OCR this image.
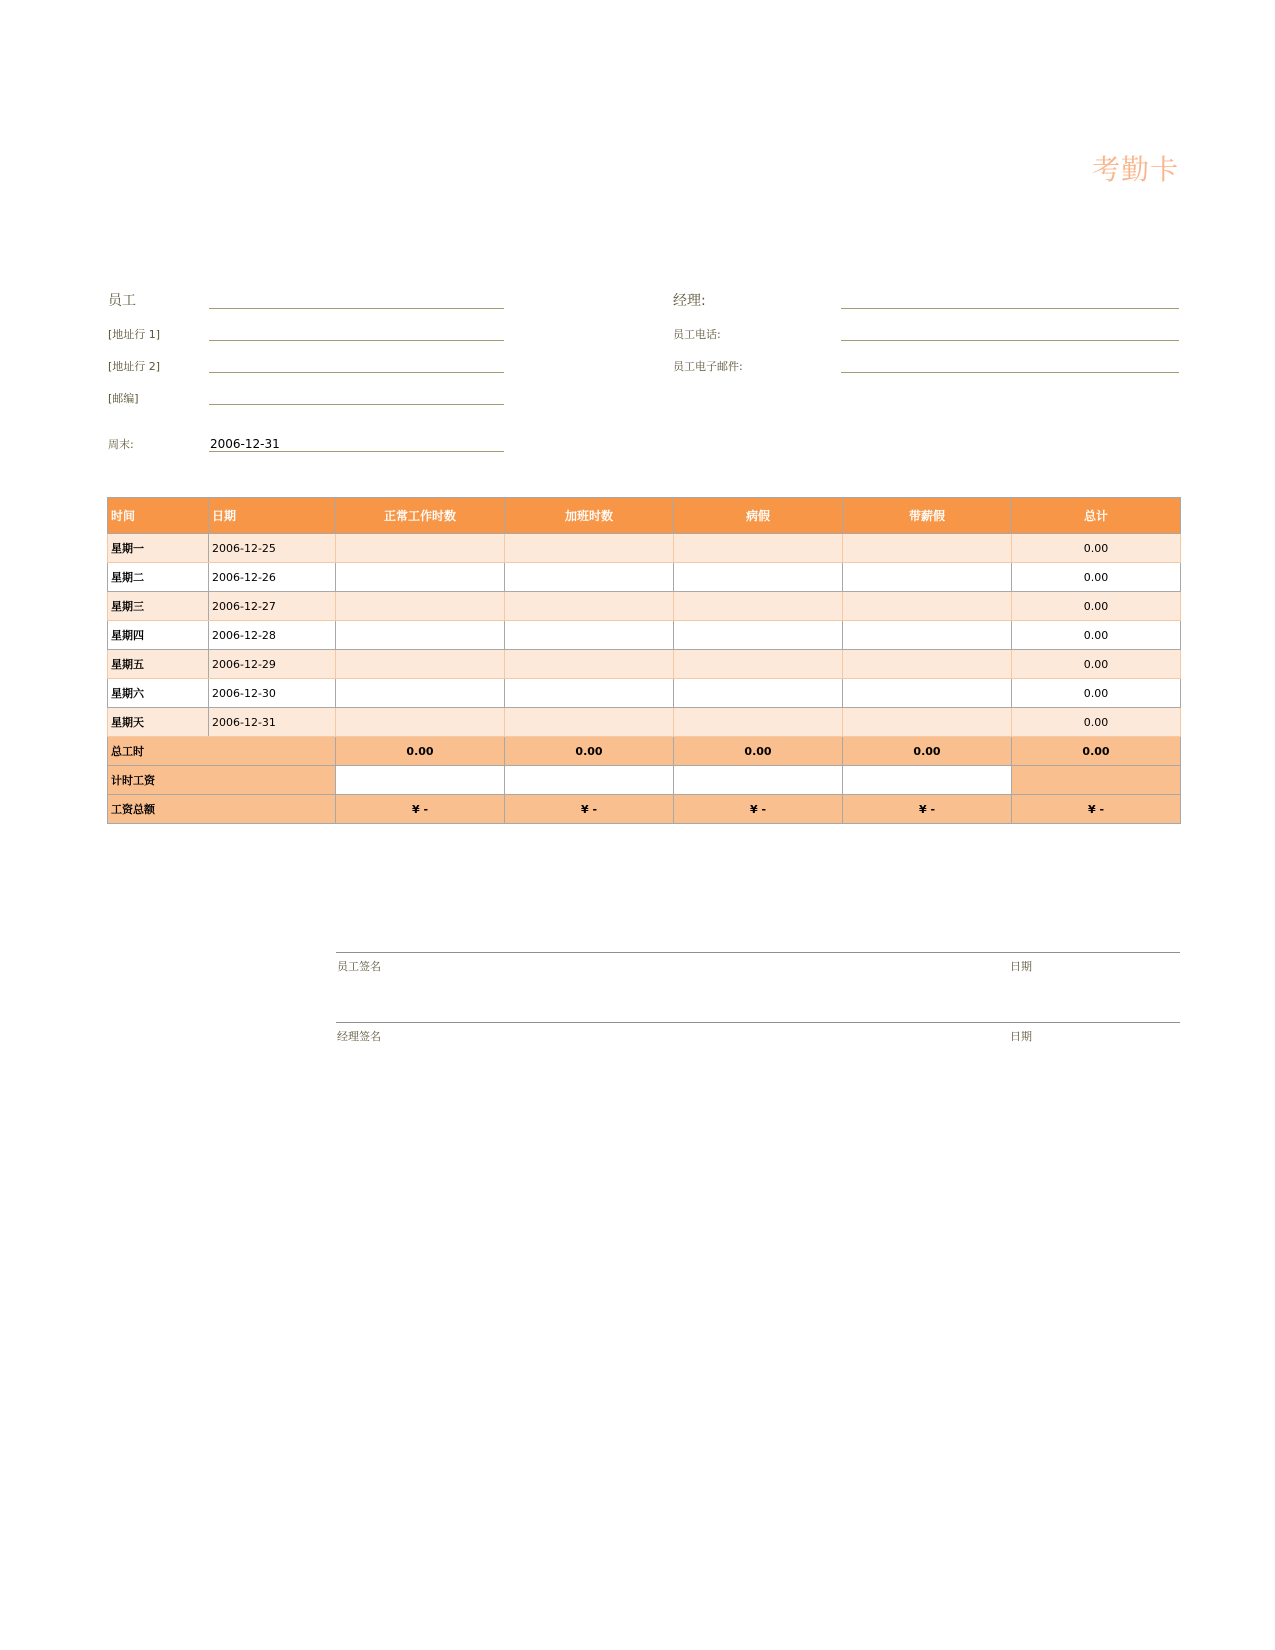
考勤卡
员工
[地址行 1]
[地址行 2]
[邮编]
周末:	2006-12-31
经理:
员工电话:
员工电子邮件:
时间	日期	正常工作时数	加班时数	病假	带薪假	总计
星期一	2006-12-25					0.00
星期二	2006-12-26					0.00
星期三	2006-12-27					0.00
星期四	2006-12-28					0.00
星期五	2006-12-29					0.00
星期六	2006-12-30					0.00
星期天	2006-12-31					0.00
总工时		0.00	0.00	0.00	0.00	0.00
计时工资						
工资总额		¥ -	¥ -	¥ -	¥ -	¥ -
员工签名	日期
经理签名	日期
